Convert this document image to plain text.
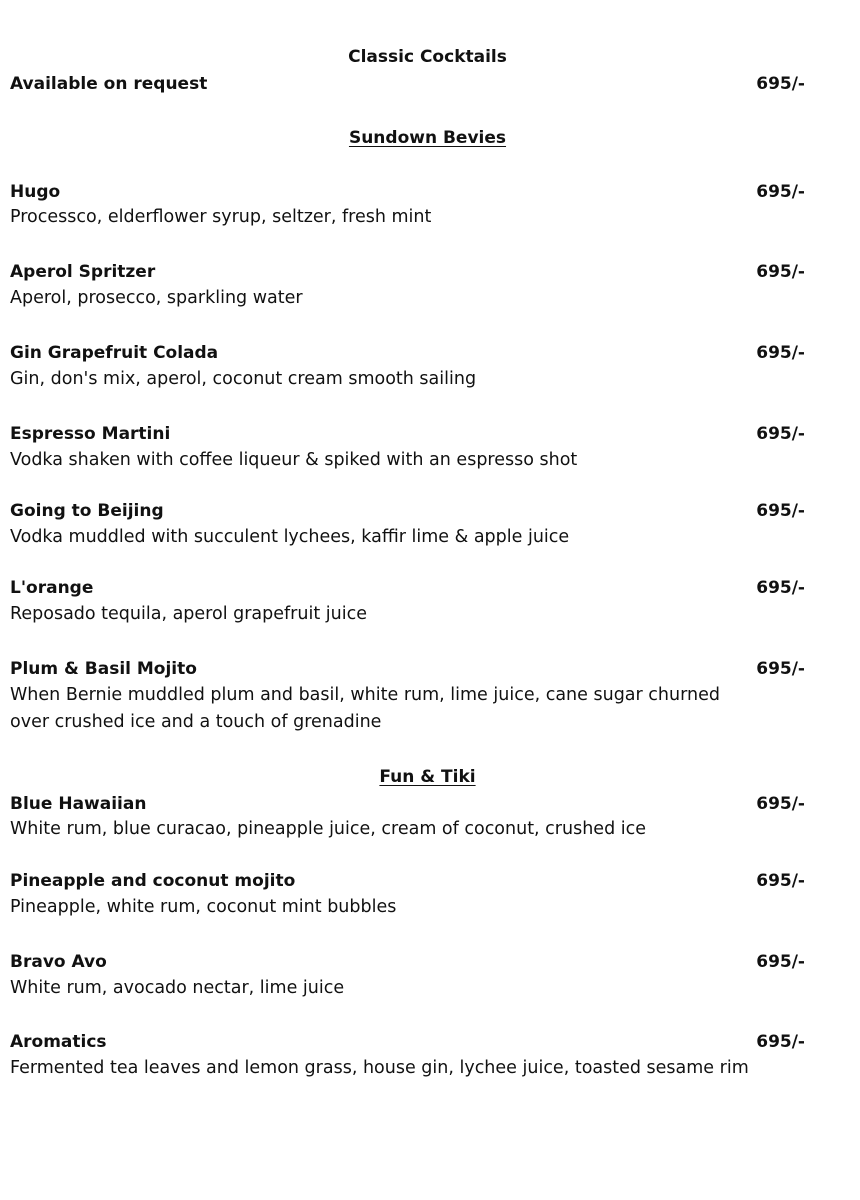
Classic Cocktails
Available on request	695/-
Sundown Bevies
Hugo	695/-
Processco, elderflower syrup, seltzer, fresh mint
Aperol Spritzer	695/-
Aperol, prosecco, sparkling water
Gin Grapefruit Colada	695/-
Gin, don's mix, aperol, coconut cream smooth sailing
Espresso Martini	695/-
Vodka shaken with coffee liqueur & spiked with an espresso shot
Going to Beijing	695/-
Vodka muddled with succulent lychees, kaffir lime & apple juice
L'orange	695/-
Reposado tequila, aperol grapefruit juice
Plum & Basil Mojito	695/-
When Bernie muddled plum and basil, white rum, lime juice, cane sugar churned
over crushed ice and a touch of grenadine
Fun & Tiki
Blue Hawaiian	695/-
White rum, blue curacao, pineapple juice, cream of coconut, crushed ice
Pineapple and coconut mojito	695/-
Pineapple, white rum, coconut mint bubbles
Bravo Avo	695/-
White rum, avocado nectar, lime juice
Aromatics	695/-
Fermented tea leaves and lemon grass, house gin, lychee juice, toasted sesame rim
